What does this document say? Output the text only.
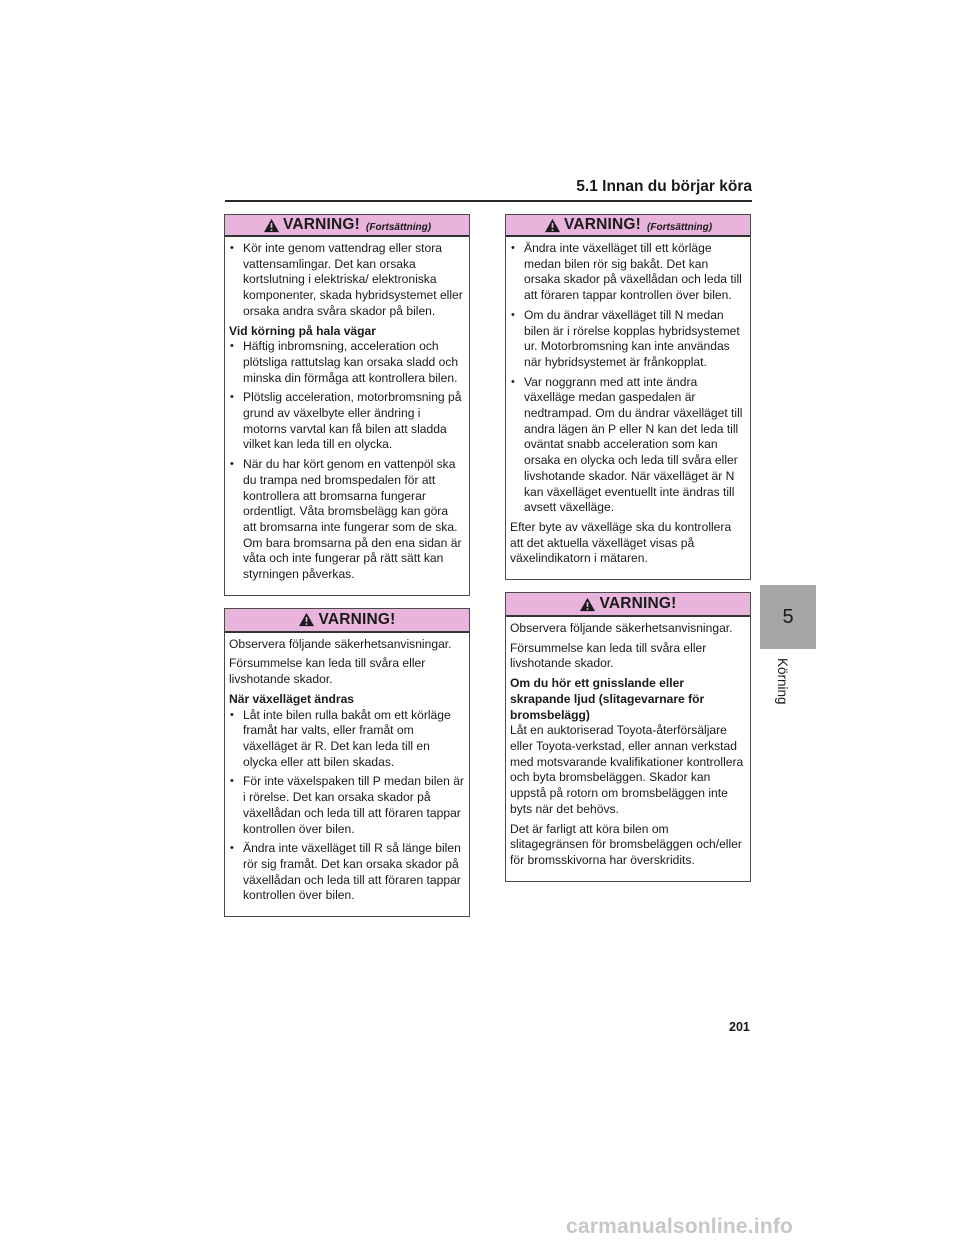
5.1 Innan du börjar köra
VARNING! (Fortsättning)
• Kör inte genom vattendrag eller stora vattensamlingar. Det kan orsaka kortslutning i elektriska/ elektroniska komponenter, skada hybridsystemet eller orsaka andra svåra skador på bilen.

Vid körning på hala vägar

• Häftig inbromsning, acceleration och plötsliga rattutslag kan orsaka sladd och minska din förmåga att kontrollera bilen.
• Plötslig acceleration, motorbromsning på grund av växelbyte eller ändring i motorns varvtal kan få bilen att sladda vilket kan leda till en olycka.
• När du har kört genom en vattenpöl ska du trampa ned bromspedalen för att kontrollera att bromsarna fungerar ordentligt. Våta bromsbelägg kan göra att bromsarna inte fungerar som de ska. Om bara bromsarna på den ena sidan är våta och inte fungerar på rätt sätt kan styrningen påverkas.
VARNING!

Observera följande säkerhetsanvisningar.

Försummelse kan leda till svåra eller livshotande skador.

När växelläget ändras

• Låt inte bilen rulla bakåt om ett körläge framåt har valts, eller framåt om växelläget är R. Det kan leda till en olycka eller att bilen skadas.
• För inte växelspaken till P medan bilen är i rörelse. Det kan orsaka skador på växellådan och leda till att föraren tappar kontrollen över bilen.
• Ändra inte växelläget till R så länge bilen rör sig framåt. Det kan orsaka skador på växellådan och leda till att föraren tappar kontrollen över bilen.
VARNING! (Fortsättning)
• Ändra inte växelläget till ett körläge medan bilen rör sig bakåt. Det kan orsaka skador på växellådan och leda till att föraren tappar kontrollen över bilen.
• Om du ändrar växelläget till N medan bilen är i rörelse kopplas hybridsystemet ur. Motorbromsning kan inte användas när hybridsystemet är frånkopplat.
• Var noggrann med att inte ändra växelläge medan gaspedalen är nedtrampad. Om du ändrar växelläget till andra lägen än P eller N kan det leda till oväntat snabb acceleration som kan orsaka en olycka och leda till svåra eller livshotande skador. När växelläget är N kan växelläget eventuellt inte ändras till avsett växelläge.

Efter byte av växelläge ska du kontrollera att det aktuella växelläget visas på växelindikatorn i mätaren.

VARNING!

Observera följande säkerhetsanvisningar.

Försummelse kan leda till svåra eller livshotande skador.

Om du hör ett gnisslande eller skrapande ljud (slitagevarnare för bromsbelägg)

Låt en auktoriserad Toyota-återförsäljare eller Toyota-verkstad, eller annan verkstad med motsvarande kvalifikationer kontrollera och byta bromsbeläggen. Skador kan uppstå på rotorn om bromsbeläggen inte byts när det behövs.

Det är farligt att köra bilen om slitagegränsen för bromsbeläggen och/eller för bromsskivorna har överskridits.

5
Körning
201
carmanualsonline.info
